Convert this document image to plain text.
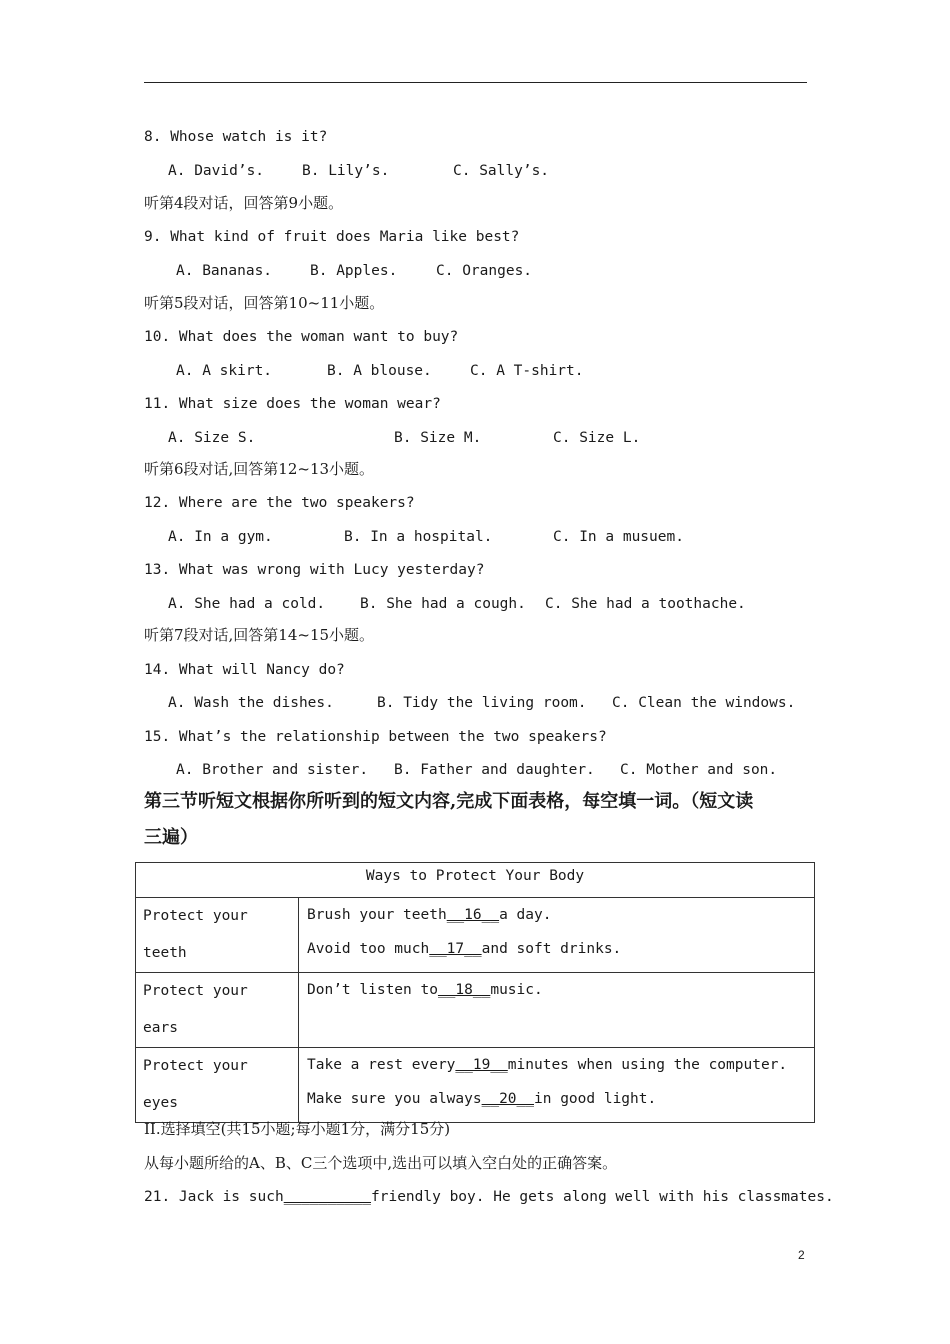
8. Whose watch is it?
A. David’s.	B. Lily’s.	C. Sally’s.
听第4段对话，回答第9小题。
9. What kind of fruit does Maria like best?
A. Bananas.	B. Apples.	C. Oranges.
听第5段对话，回答第10~11小题。
10. What does the woman want to buy?
A. A skirt.	B. A blouse.	C. A T-shirt.
11. What size does the woman wear?
A. Size S.	B. Size M.	C. Size L.
听第6段对话,回答第12~13小题。
12. Where are the two speakers?
A. In a gym.	B. In a hospital.	C. In a musuem.
13. What was wrong with Lucy yesterday?
A. She had a cold. B. She had a cough. C. She had a toothache.
听第7段对话,回答第14~15小题。
14. What will Nancy do?
A. Wash the dishes.	B. Tidy the living room. C. Clean the windows.
15. What’s the relationship between the two speakers?
A. Brother and sister. B. Father and daughter. C. Mother and son.
第三节听短文根据你所听到的短文内容,完成下面表格，每空填一词。（短文读
三遍）
Ways to Protect Your Body	

Protect your
teeth	Brush your teeth__16__a day.
Avoid too much__17__and soft drinks.

Protect your
ears	Don’t listen to__18__music.

Protect your
eyes	Take a rest every__19__minutes when using the computer.
Make sure you always__20__in good light.
II.选择填空(共15小题;每小题1分，满分15分)
从每小题所给的A、B、C三个选项中,选出可以填入空白处的正确答案。
21. Jack is such__________friendly boy. He gets along well with his classmates.
2
